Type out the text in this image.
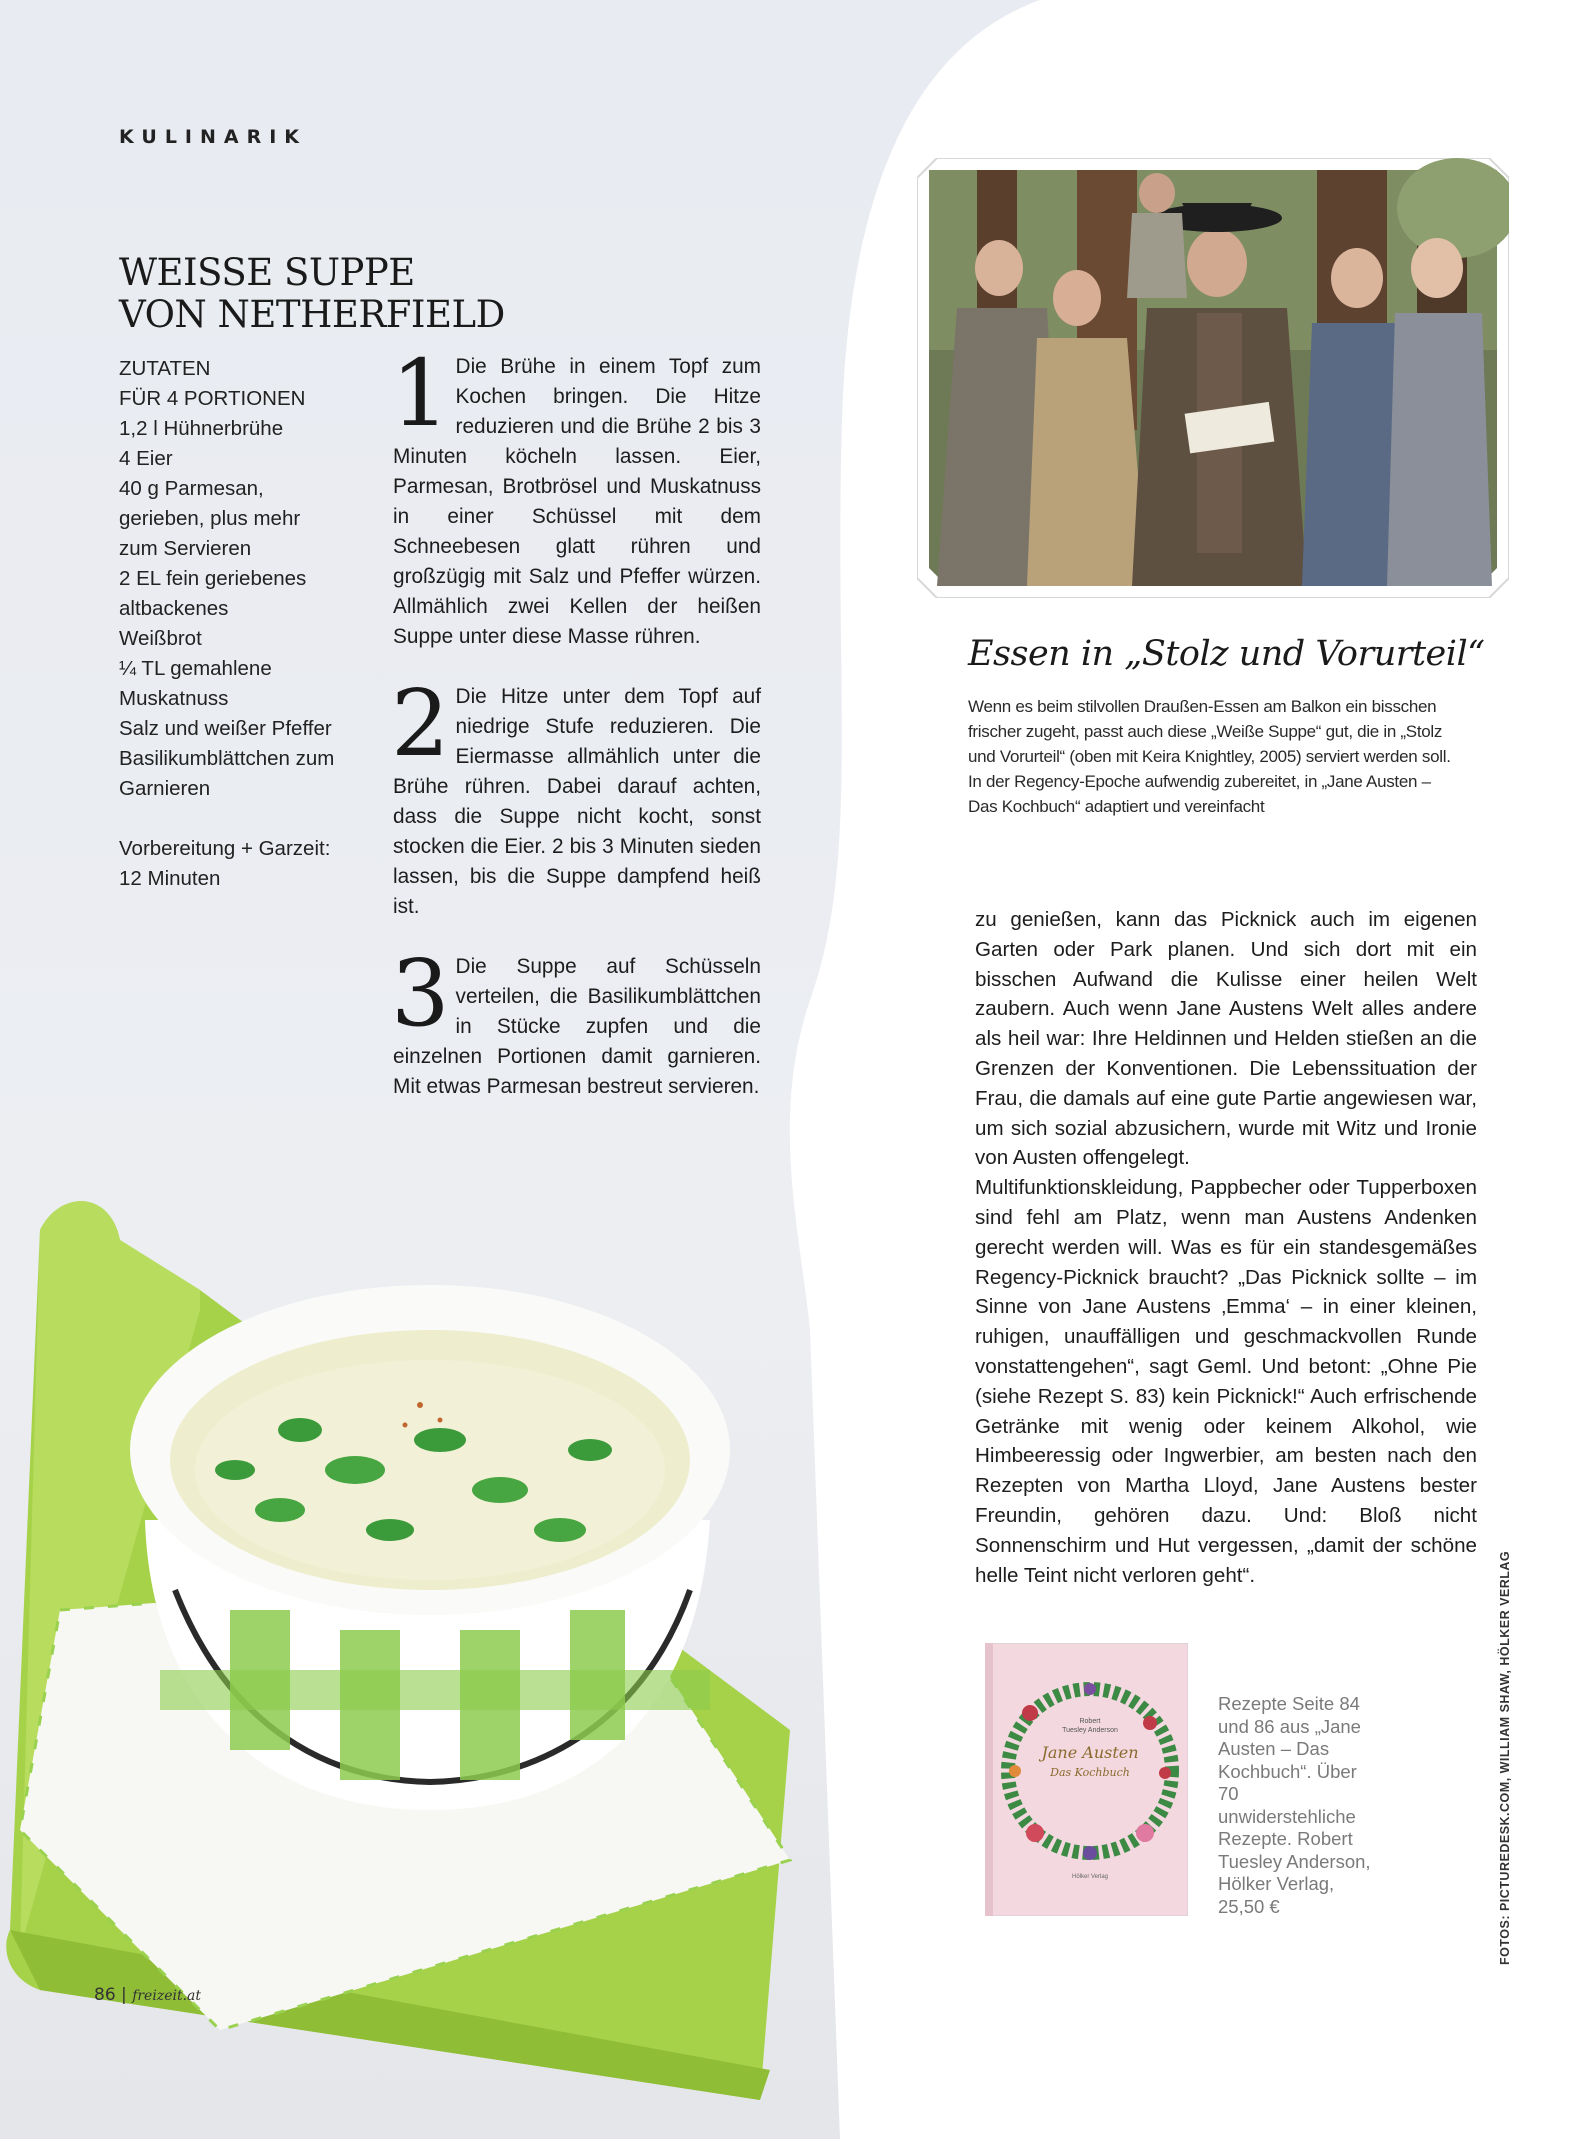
KULINARIK
WEISSE SUPPE
VON NETHERFIELD
ZUTATEN
FÜR 4 PORTIONEN
1,2 l Hühnerbrühe
4 Eier
40 g Parmesan,
gerieben, plus mehr
zum Servieren
2 EL fein geriebenes
altbackenes
Weißbrot
¼ TL gemahlene
Muskatnuss
Salz und weißer Pfeffer
Basilikumblättchen zum
Garnieren
Vorbereitung + Garzeit:
12 Minuten
1 Die Brühe in einem Topf zum Kochen bringen. Die Hitze reduzieren und die Brühe 2 bis 3 Minuten köcheln lassen. Eier, Parmesan, Brotbrösel und Muskatnuss in einer Schüssel mit dem Schneebesen glatt rühren und großzügig mit Salz und Pfeffer würzen. Allmählich zwei Kellen der heißen Suppe unter diese Masse rühren.
2 Die Hitze unter dem Topf auf niedrige Stufe reduzieren. Die Eiermasse allmählich unter die Brühe rühren. Dabei darauf achten, dass die Suppe nicht kocht, sonst stocken die Eier. 2 bis 3 Minuten sieden lassen, bis die Suppe dampfend heiß ist.
3 Die Suppe auf Schüsseln verteilen, die Basilikumblättchen in Stücke zupfen und die einzelnen Portionen damit garnieren. Mit etwas Parmesan bestreut servieren.
Essen in „Stolz und Vorurteil“
Wenn es beim stilvollen Draußen-Essen am Balkon ein bisschen frischer zugeht, passt auch diese „Weiße Suppe“ gut, die in „Stolz und Vorurteil“ (oben mit Keira Knightley, 2005) serviert werden soll. In der Regency-Epoche aufwendig zubereitet, in „Jane Austen – Das Kochbuch“ adaptiert und vereinfacht
zu genießen, kann das Picknick auch im eigenen Garten oder Park planen. Und sich dort mit ein bisschen Aufwand die Kulisse einer heilen Welt zaubern. Auch wenn Jane Austens Welt alles andere als heil war: Ihre Heldinnen und Helden stießen an die Grenzen der Konventionen. Die Lebenssituation der Frau, die damals auf eine gute Partie angewiesen war, um sich sozial abzusichern, wurde mit Witz und Ironie von Austen offengelegt.
Multifunktionskleidung, Pappbecher oder Tupperboxen sind fehl am Platz, wenn man Austens Andenken gerecht werden will. Was es für ein standesgemäßes Regency-Picknick braucht? „Das Picknick sollte – im Sinne von Jane Austens ‚Emma‘ – in einer kleinen, ruhigen, unauffälligen und geschmackvollen Runde vonstattengehen“, sagt Geml. Und betont: „Ohne Pie (siehe Rezept S. 83) kein Picknick!“ Auch erfrischende Getränke mit wenig oder keinem Alkohol, wie Himbeeressig oder Ingwerbier, am besten nach den Rezepten von Martha Lloyd, Jane Austens bester Freundin, gehören dazu. Und: Bloß nicht Sonnenschirm und Hut vergessen, „damit der schöne helle Teint nicht verloren geht“.
Robert
Tuesley Anderson
Jane Austen
Das Kochbuch
Hölker Verlag
Rezepte Seite 84 und 86 aus „Jane Austen – Das Kochbuch“. Über 70 unwiderstehliche Rezepte. Robert Tuesley Anderson, Hölker Verlag, 25,50 €	FOTOS: PICTUREDESK.COM, WILLIAM SHAW, HÖLKER VERLAG
86 | freizeit.at
